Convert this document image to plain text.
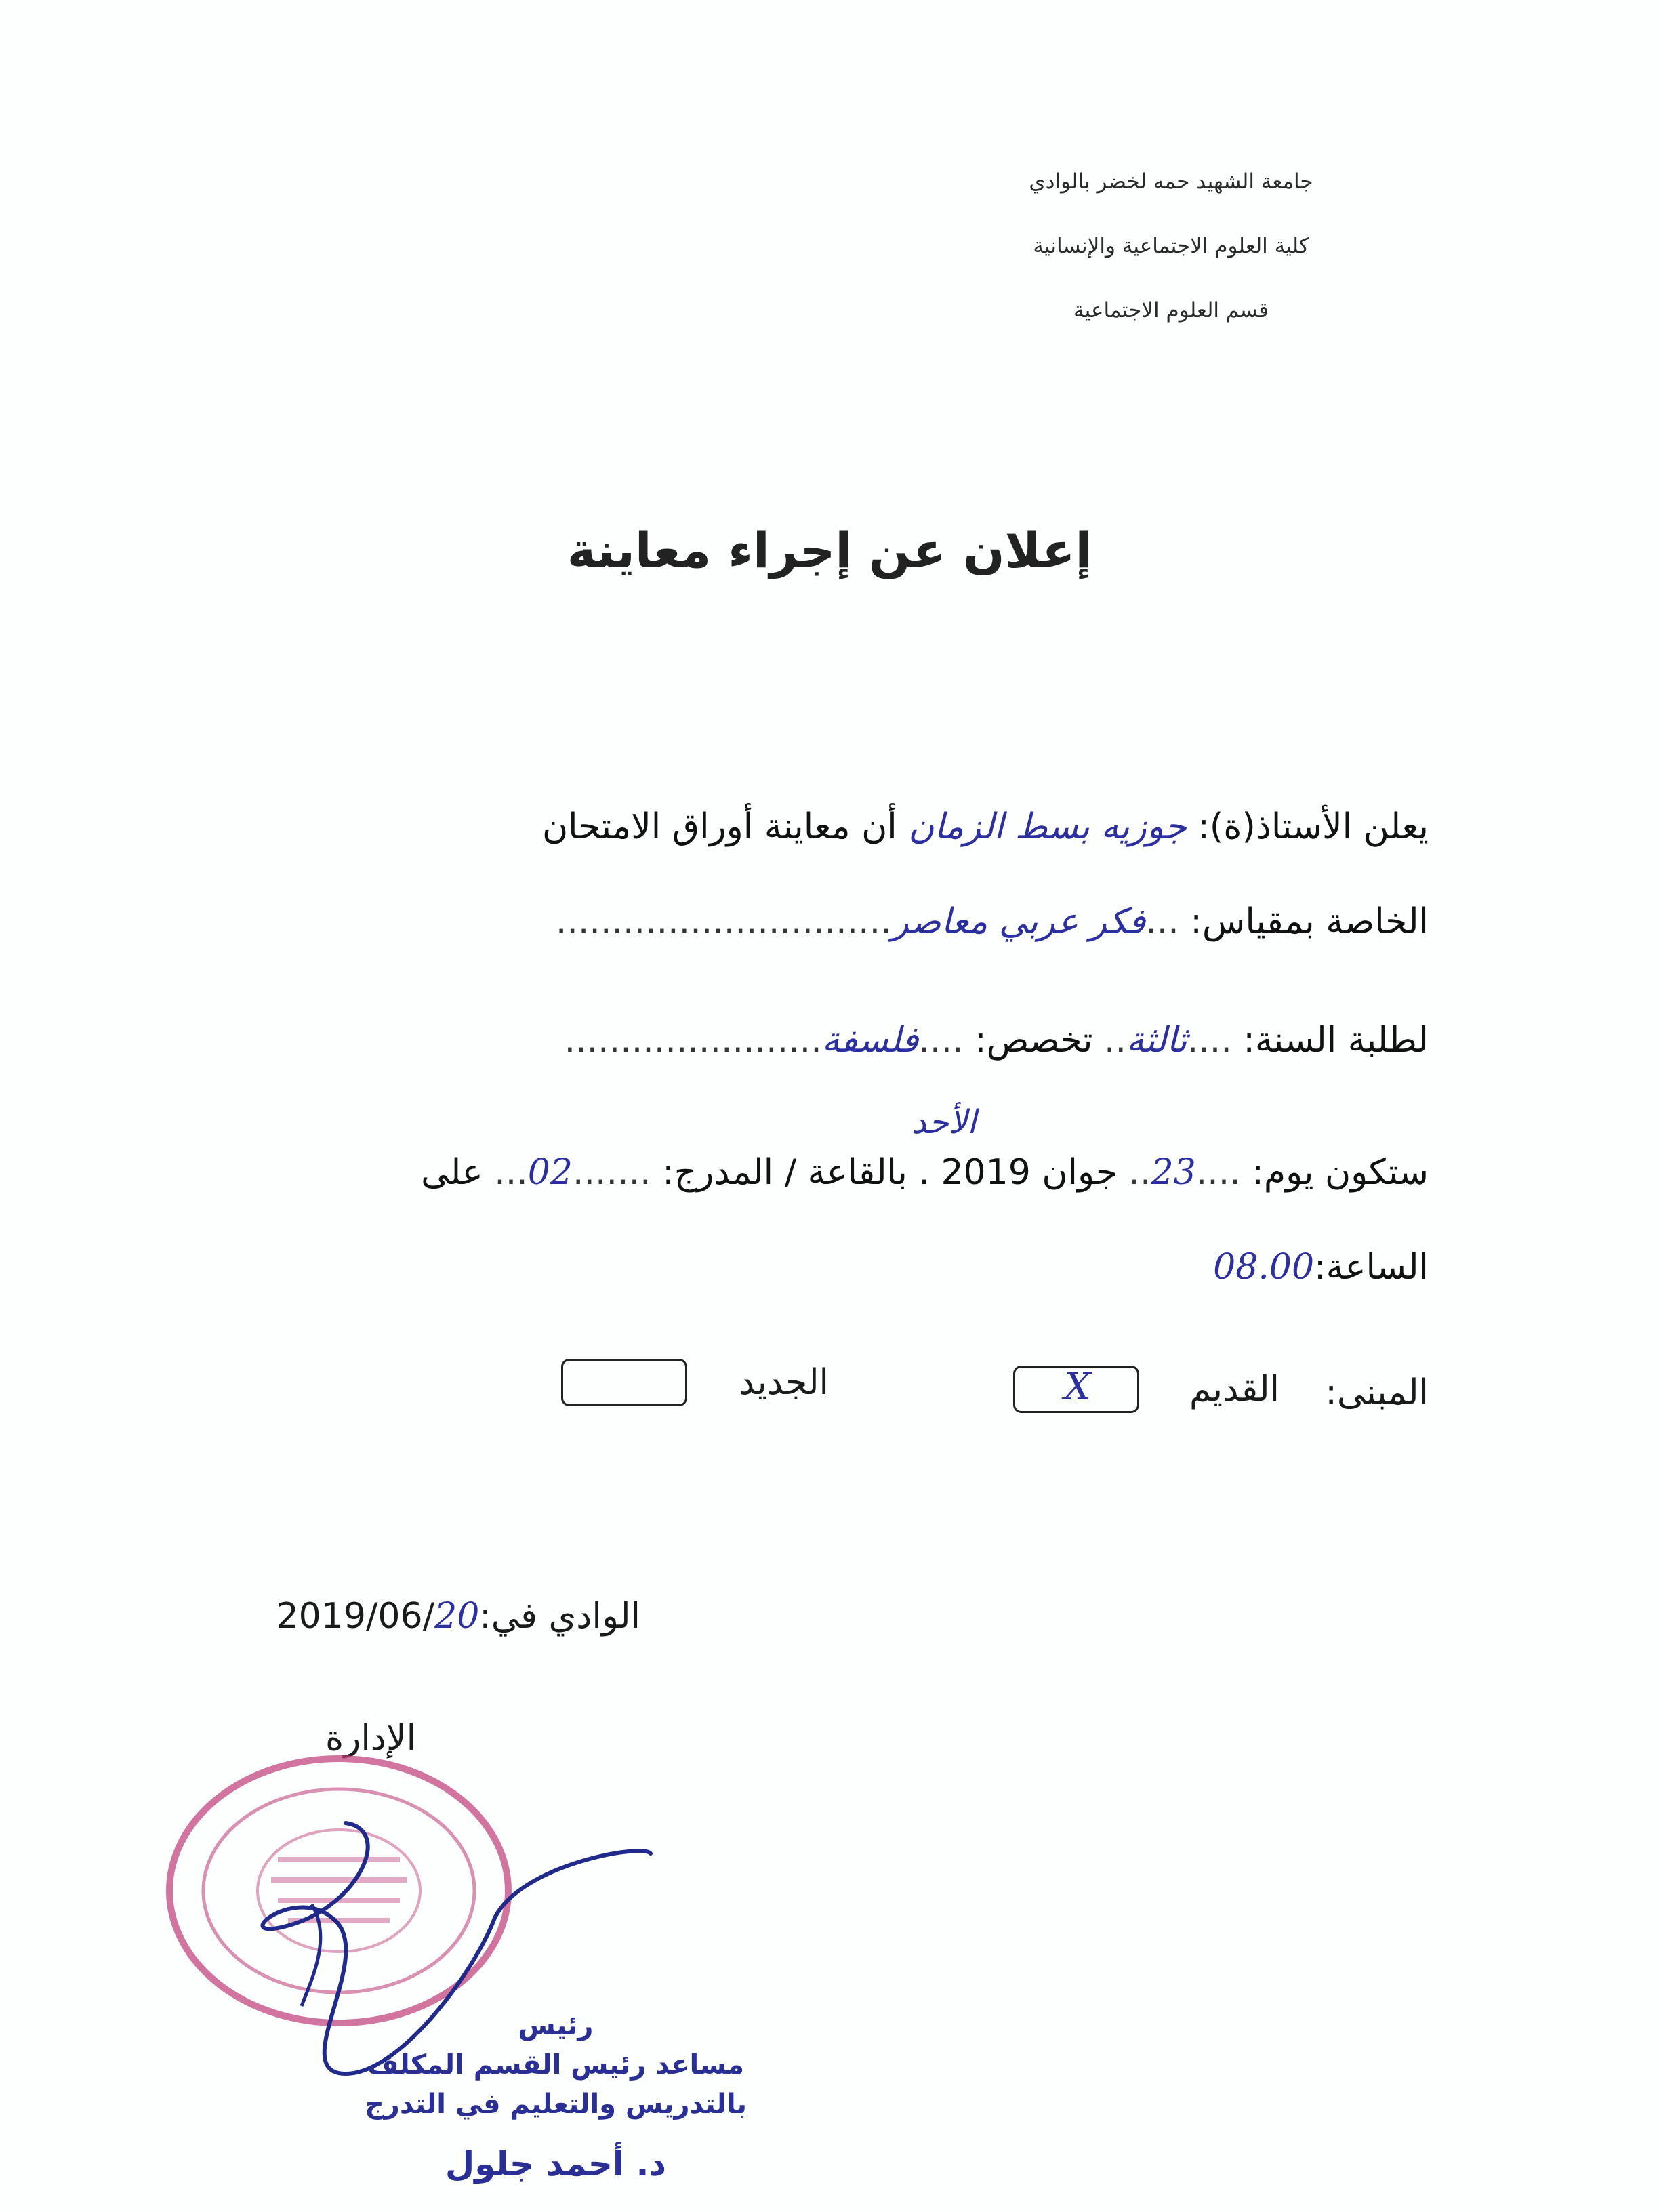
جامعة الشهيد حمه لخضر بالوادي
كلية العلوم الاجتماعية والإنسانية
قسم العلوم الاجتماعية
إعلان عن إجراء معاينة
يعلن الأستاذ(ة): جوزيه بسط الزمان أن معاينة أوراق الامتحان
الخاصة بمقياس: ...فكر عربي معاصر..............................
لطلبة السنة: ....ثالثة.. تخصص: ....فلسفة.......................
الأحد
ستكون يوم: ....23.. جوان 2019 . بالقاعة / المدرج: .......02... على
الساعة:08.00
المبنى:
القديم
X
الجديد
الوادي في:202019/06/
الإدارة
رئيس
مساعد رئيس القسم المكلف
بالتدريس والتعليم في التدرج
د. أحمد جلول
